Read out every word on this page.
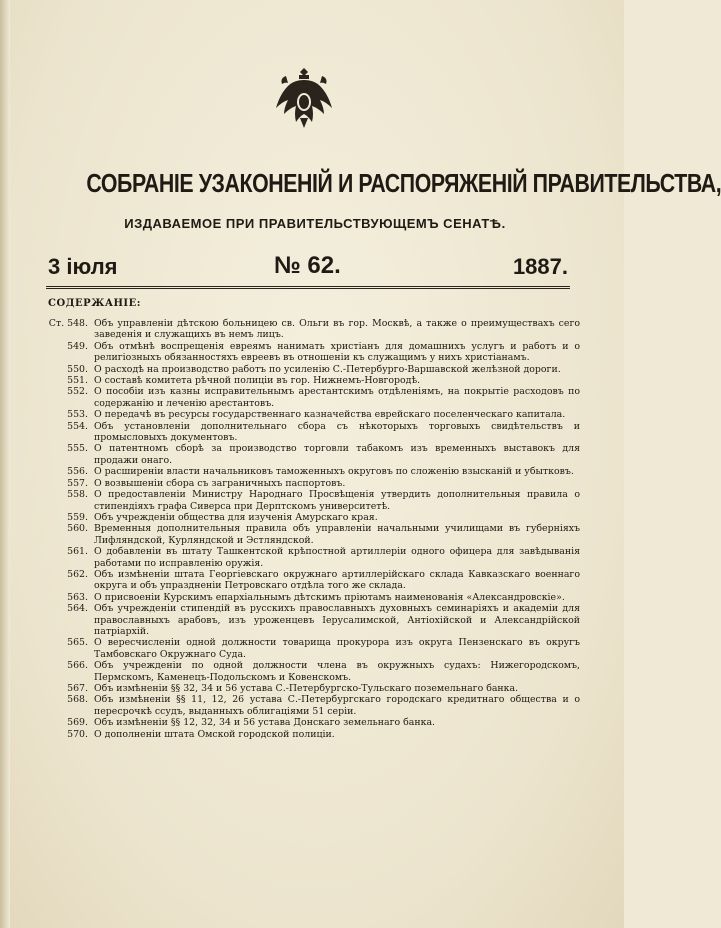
СОБРАНІЕ УЗАКОНЕНІЙ И РАСПОРЯЖЕНІЙ ПРАВИТЕЛЬСТВА,
ИЗДАВАЕМОЕ ПРИ ПРАВИТЕЛЬСТВУЮЩЕМЪ СЕНАТѢ.
3 іюля	№ 62.	1887.
СОДЕРЖАНІЕ:

Ст. 548. Объ управленіи дѣтскою больницею св. Ольги въ гор. Москвѣ, а также о преимуществахъ сего заведенія и служащихъ въ немъ лицъ.

549. Объ отмѣнѣ воспрещенія евреямъ нанимать христіанъ для домашнихъ услугъ и работъ и о религіозныхъ обязанностяхъ евреевъ въ отношеніи къ служащимъ у нихъ христіанамъ.

550. О расходѣ на производство работъ по усиленію С.-Петербурго-Варшавской желѣзной дороги.

551. О составѣ комитета рѣчной полиціи въ гор. Нижнемъ-Новгородѣ.

552. О пособіи изъ казны исправительнымъ арестантскимъ отдѣленіямъ, на покрытіе расходовъ по содержанію и леченію арестантовъ.

553. О передачѣ въ ресурсы государственнаго казначейства еврейскаго поселенческаго капитала.

554. Объ установленіи дополнительнаго сбора съ нѣкоторыхъ торговыхъ свидѣтельствъ и промысловыхъ документовъ.

555. О патентномъ сборѣ за производство торговли табакомъ изъ временныхъ выставокъ для продажи онаго.

556. О расширеніи власти начальниковъ таможенныхъ округовъ по сложенію взысканій и убытковъ.

557. О возвышеніи сбора съ заграничныхъ паспортовъ.

558. О предоставленіи Министру Народнаго Просвѣщенія утвердить дополнительныя правила о стипендіяхъ графа Сиверса при Дерптскомъ университетѣ.

559. Объ учрежденіи общества для изученія Амурскаго края.

560. Временныя дополнительныя правила объ управленіи начальными училищами въ губерніяхъ Лифляндской, Курляндской и Эстляндской.

561. О добавленіи въ штату Ташкентской крѣпостной артиллеріи одного офицера для завѣдыванія работами по исправленію оружія.

562. Объ измѣненіи штата Георгіевскаго окружнаго артиллерійскаго склада Кавказскаго военнаго округа и объ упраздненіи Петровскаго отдѣла того же склада.

563. О присвоеніи Курскимъ епархіальнымъ дѣтскимъ пріютамъ наименованія «Александровскіе».

564. Объ учрежденіи стипендій въ русскихъ православныхъ духовныхъ семинаріяхъ и академіи для православныхъ арабовъ, изъ уроженцевъ Іерусалимской, Антіохійской и Александрійской патріархій.

565. О вересчисленіи одной должности товарища прокурора изъ округа Пензенскаго въ округъ Тамбовскаго Окружнаго Суда.

566. Объ учрежденіи по одной должности члена въ окружныхъ судахъ: Нижегородскомъ, Пермскомъ, Каменецъ-Подольскомъ и Ковенскомъ.

567. Объ измѣненіи §§ 32, 34 и 56 устава С.-Петербургско-Тульскаго поземельнаго банка.

568. Объ измѣненіи §§ 11, 12, 26 устава С.-Петербургскаго городскаго кредитнаго общества и о пересрочкѣ ссудъ, выданныхъ облигаціями 51 серіи.

569. Объ измѣненіи §§ 12, 32, 34 и 56 устава Донскаго земельнаго банка.

570. О дополненіи штата Омской городской полиціи.
